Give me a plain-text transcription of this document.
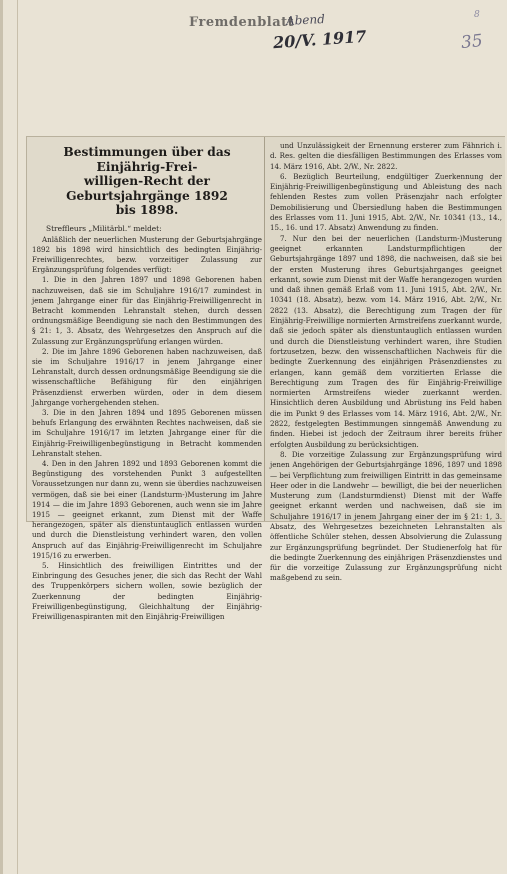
Fremdenblatt
Abend
20/V. 1917
8
35
Bestimmungen über das Einjährig-Frei-
willigen-Recht der Geburtsjahrgänge 1892
bis 1898.

Streffleurs „Militärbl.“ meldet:

Anläßlich der neuerlichen Musterung der Geburtsjahrgänge 1892 bis 1898 wird hinsichtlich des bedingten Einjährig-Freiwilligenrechtes, bezw. vorzeitiger Zulassung zur Ergänzungsprüfung folgendes verfügt:

1. Die in den Jahren 1897 und 1898 Geborenen haben nachzuweisen, daß sie im Schuljahre 1916/17 zumindest in jenem Jahrgange einer für das Einjährig-Freiwilligenrecht in Betracht kommenden Lehranstalt stehen, durch dessen ordnungsmäßige Beendigung sie nach den Bestimmungen des § 21: 1, 3. Absatz, des Wehrgesetzes den Anspruch auf die Zulassung zur Ergänzungsprüfung erlangen würden.

2. Die im Jahre 1896 Geborenen haben nachzuweisen, daß sie im Schuljahre 1916/17 in jenem Jahrgange einer Lehranstalt, durch dessen ordnungsmäßige Beendigung sie die wissenschaftliche Befähigung für den einjährigen Präsenzdienst erwerben würden, oder in dem diesem Jahrgange vorhergehenden stehen.

3. Die in den Jahren 1894 und 1895 Geborenen müssen behufs Erlangung des erwähnten Rechtes nachweisen, daß sie im Schuljahre 1916/17 im letzten Jahrgange einer für die Einjährig-Freiwilligenbegünstigung in Betracht kommenden Lehranstalt stehen.

4. Den in den Jahren 1892 und 1893 Geborenen kommt die Begünstigung des vorstehenden Punkt 3 aufgestellten Voraussetzungen nur dann zu, wenn sie überdies nachzuweisen vermögen, daß sie bei einer (Landsturm-)Musterung im Jahre 1914 — die im Jahre 1893 Geborenen, auch wenn sie im Jahre 1915 — geeignet erkannt, zum Dienst mit der Waffe herangezogen, später als dienstuntauglich entlassen wurden und durch die Dienstleistung verhindert waren, den vollen Anspruch auf das Einjährig-Freiwilligenrecht im Schuljahre 1915/16 zu erwerben.

5. Hinsichtlich des freiwilligen Eintrittes und der Einbringung des Gesuches jener, die sich das Recht der Wahl des Truppenkörpers sichern wollen, sowie bezüglich der Zuerkennung der bedingten Einjährig-Freiwilligenbegünstigung, Gleichhaltung der Einjährig-Freiwilligenaspiranten mit den Einjährig-Freiwilligen

und Unzulässigkeit der Ernennung ersterer zum Fähnrich i. d. Res. gelten die diesfälligen Bestimmungen des Erlasses vom 14. März 1916, Abt. 2/W., Nr. 2822.

6. Bezüglich Beurteilung, endgültiger Zuerkennung der Einjährig-Freiwilligenbegünstigung und Ableistung des nach fehlenden Restes zum vollen Präsenzjahr nach erfolgter Demobilisierung und Übersiedlung haben die Bestimmungen des Erlasses vom 11. Juni 1915, Abt. 2/W., Nr. 10341 (13., 14., 15., 16. und 17. Absatz) Anwendung zu finden.

7. Nur den bei der neuerlichen (Landsturm-)Musterung geeignet erkannten Landsturmpflichtigen der Geburtsjahrgänge 1897 und 1898, die nachweisen, daß sie bei der ersten Musterung ihres Geburtsjahrganges geeignet erkannt, sowie zum Dienst mit der Waffe herangezogen wurden und daß ihnen gemäß Erlaß vom 11. Juni 1915, Abt. 2/W., Nr. 10341 (18. Absatz), bezw. vom 14. März 1916, Abt. 2/W., Nr. 2822 (13. Absatz), die Berechtigung zum Tragen der für Einjährig-Freiwillige normierten Armstreifens zuerkannt wurde, daß sie jedoch später als dienstuntauglich entlassen wurden und durch die Dienstleistung verhindert waren, ihre Studien fortzusetzen, bezw. den wissenschaftlichen Nachweis für die bedingte Zuerkennung des einjährigen Präsenzdienstes zu erlangen, kann gemäß dem vorzitierten Erlasse die Berechtigung zum Tragen des für Einjährig-Freiwillige normierten Armstreifens wieder zuerkannt werden. Hinsichtlich deren Ausbildung und Abrüstung ins Feld haben die im Punkt 9 des Erlasses vom 14. März 1916, Abt. 2/W., Nr. 2822, festgelegten Bestimmungen sinngemäß Anwendung zu finden. Hiebei ist jedoch der Zeitraum ihrer bereits früher erfolgten Ausbildung zu berücksichtigen.

8. Die vorzeitige Zulassung zur Ergänzungsprüfung wird jenen Angehörigen der Geburtsjahrgänge 1896, 1897 und 1898 — bei Verpflichtung zum freiwilligen Eintritt in das gemeinsame Heer oder in die Landwehr — bewilligt, die bei der neuerlichen Musterung zum (Landsturmdienst) Dienst mit der Waffe geeignet erkannt werden und nachweisen, daß sie im Schuljahre 1916/17 in jenem Jahrgang einer der im § 21: 1, 3. Absatz, des Wehrgesetzes bezeichneten Lehranstalten als öffentliche Schüler stehen, dessen Absolvierung die Zulassung zur Ergänzungsprüfung begründet. Der Studienerfolg hat für die bedingte Zuerkennung des einjährigen Präsenzdienstes und für die vorzeitige Zulassung zur Ergänzungsprüfung nicht maßgebend zu sein.
